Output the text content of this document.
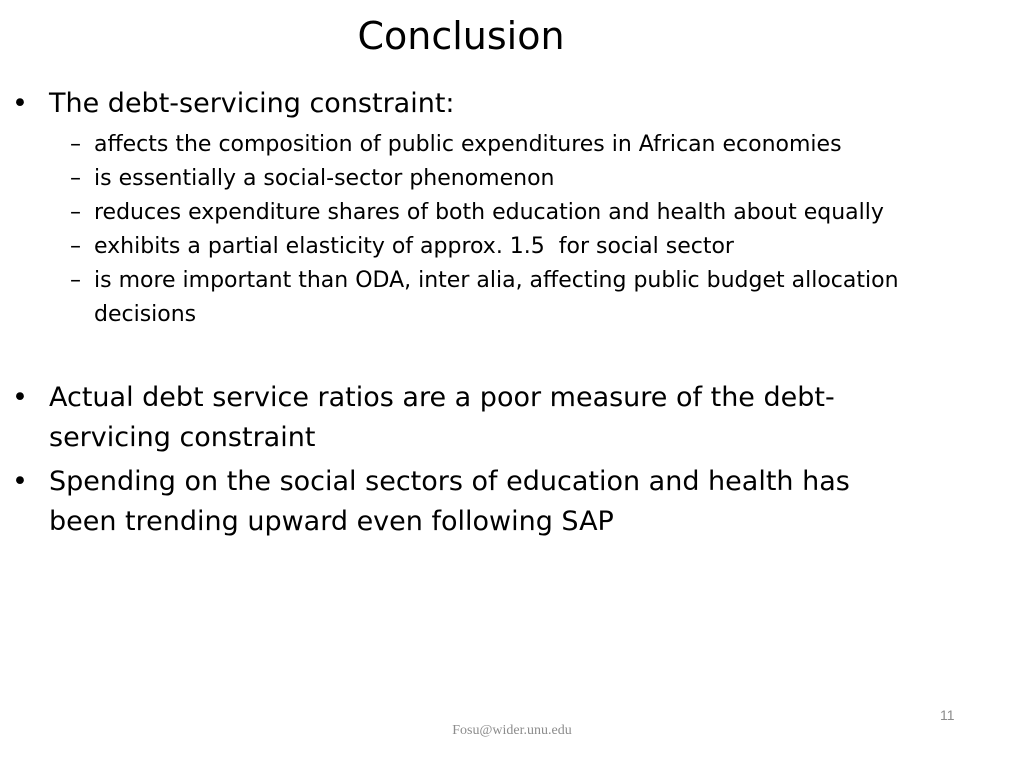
Conclusion
• The debt-servicing constraint:
– affects the composition of public expenditures in African economies
– is essentially a social-sector phenomenon
– reduces expenditure shares of both education and health about equally
– exhibits a partial elasticity of approx. 1.5  for social sector
– is more important than ODA, inter alia, affecting public budget allocation decisions
• Actual debt service ratios are a poor measure of the debt-servicing constraint
• Spending on the social sectors of education and health has been trending upward even following SAP
Fosu@wider.unu.edu
11
